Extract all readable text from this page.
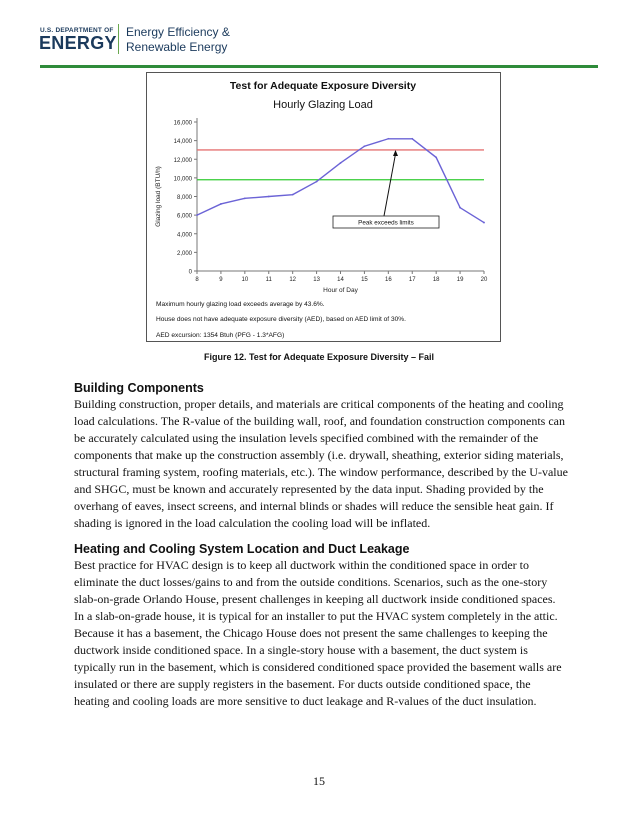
U.S. DEPARTMENT OF
ENERGY
Energy Efficiency &
Renewable Energy
Test for Adequate Exposure Diversity
Hourly Glazing Load
0
2,000
4,000
6,000
8,000
10,000
12,000
14,000
16,000
8	9	10	11	12	13	14	15	16	17	18	19	20
Hour of Day
Glazing load (BTU/h)	Peak exceeds limits
Maximum hourly glazing load exceeds average by 43.6%.
House does not have adequate exposure diversity (AED), based on AED limit of 30%.
AED excursion: 1354 Btuh (PFG - 1.3*AFG)
Figure 12. Test for Adequate Exposure Diversity – Fail
Building Components
Building construction, proper details, and materials are critical components of the heating and cooling load calculations. The R-value of the building wall, roof, and foundation construction components can be accurately calculated using the insulation levels specified combined with the remainder of the components that make up the construction assembly (i.e. drywall, sheathing, exterior siding materials, structural framing system, roofing materials, etc.). The window performance, described by the U-value and SHGC, must be known and accurately represented by the data input. Shading provided by the overhang of eaves, insect screens, and internal blinds or shades will reduce the sensible heat gain. If shading is ignored in the load calculation the cooling load will be inflated.
Heating and Cooling System Location and Duct Leakage
Best practice for HVAC design is to keep all ductwork within the conditioned space in order to eliminate the duct losses/gains to and from the outside conditions. Scenarios, such as the one-story slab-on-grade Orlando House, present challenges in keeping all ductwork inside conditioned spaces. In a slab-on-grade house, it is typical for an installer to put the HVAC system completely in the attic. Because it has a basement, the Chicago House does not present the same challenges to keeping the ductwork inside conditioned space. In a single-story house with a basement, the duct system is typically run in the basement, which is considered conditioned space provided the basement walls are insulated or there are supply registers in the basement. For ducts outside conditioned space, the heating and cooling loads are more sensitive to duct leakage and R-values of the duct insulation.
15
